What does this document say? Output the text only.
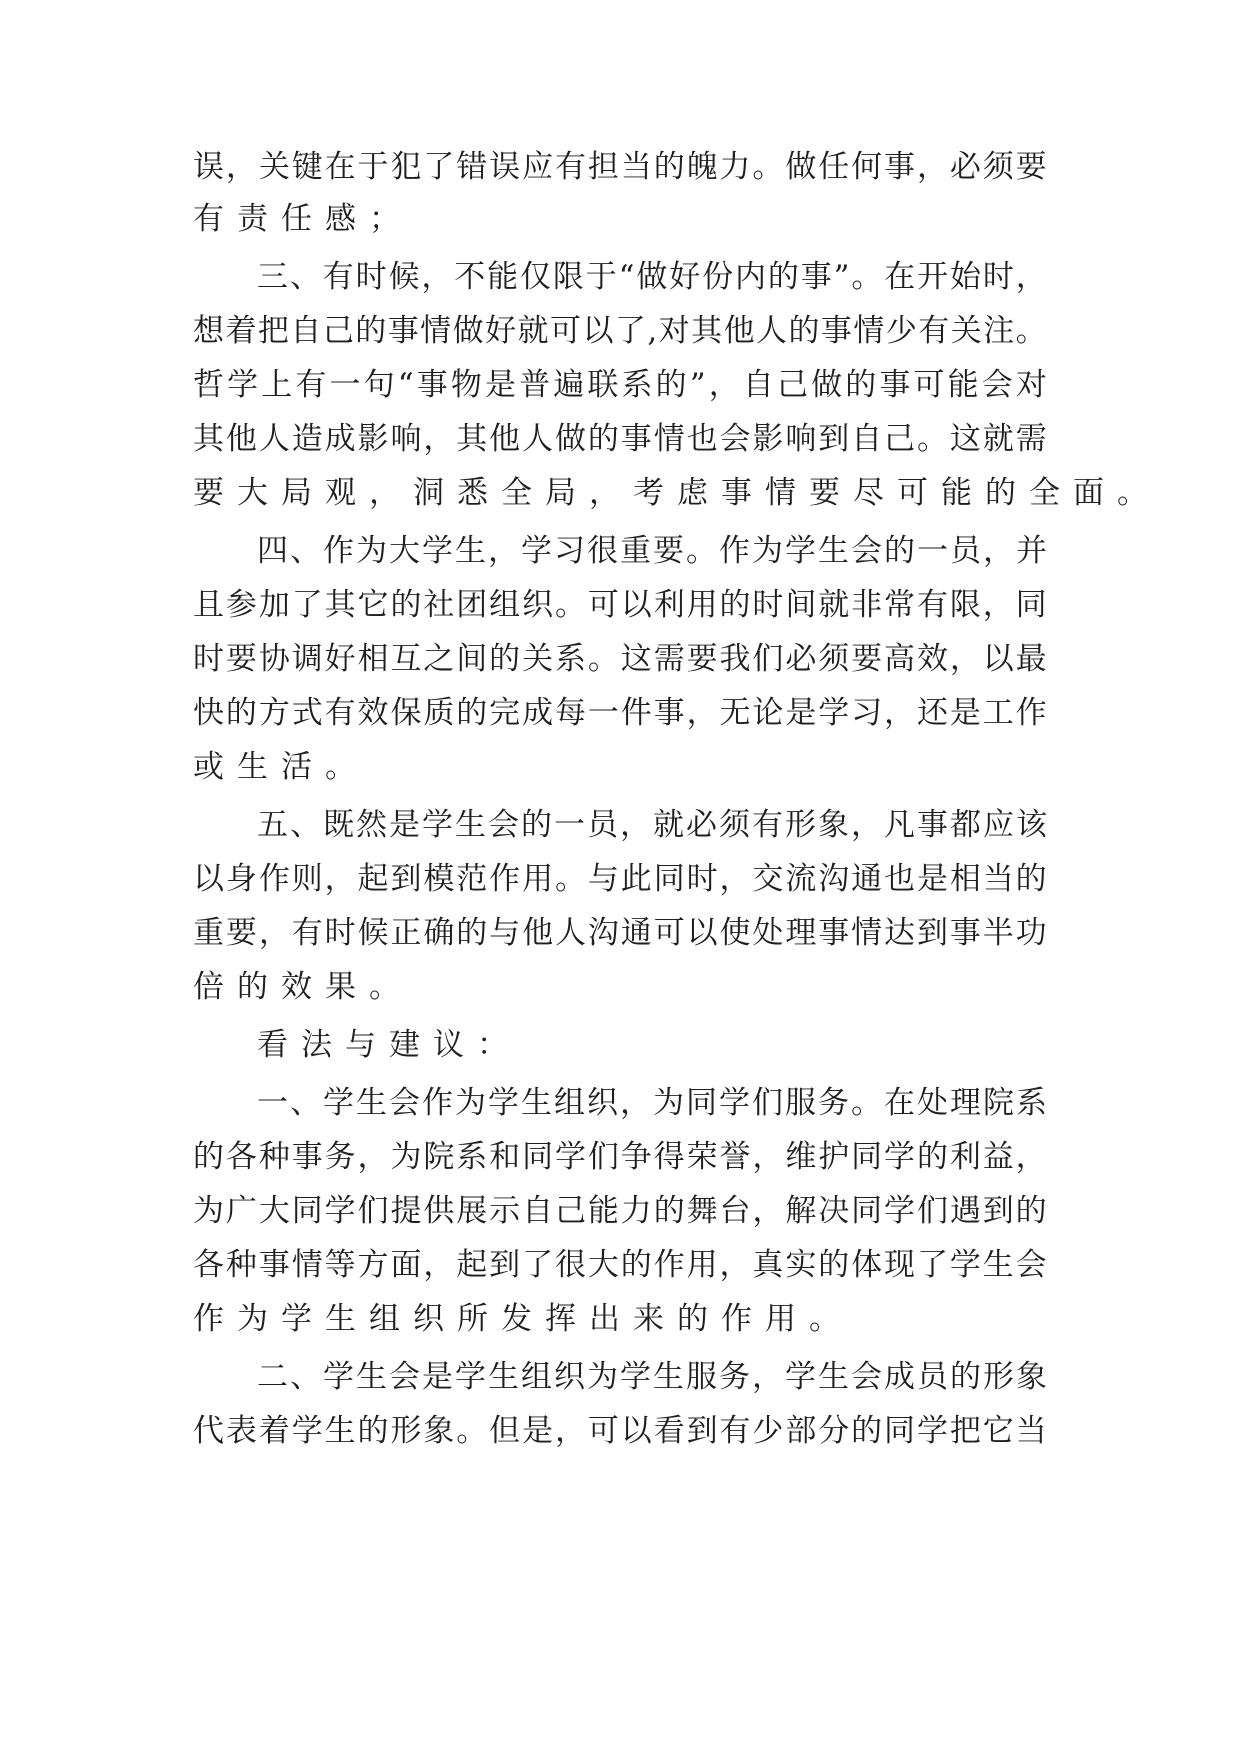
误 ， 关 键 在 于 犯 了 错 误 应 有 担 当 的 魄 力 。 做 任 何 事 ， 必 须 要
有责任感；
三 、 有 时 候 ， 不 能 仅 限 于 “ 做 好 份 内 的 事 ” 。 在 开 始 时 ，
想 着 把 自 己 的 事 情 做 好 就 可 以 了 , 对 其 他 人 的 事 情 少 有 关 注 。
哲 学 上 有 一 句 “ 事 物 是 普 遍 联 系 的 ” ， 自 己 做 的 事 可 能 会 对
其 他 人 造 成 影 响 ， 其 他 人 做 的 事 情 也 会 影 响 到 自 己 。 这 就 需
要大局观，洞悉全局，考虑事情要尽可能的全面。
四 、 作 为 大 学 生 ， 学 习 很 重 要 。 作 为 学 生 会 的 一 员 ， 并
且 参 加 了 其 它 的 社 团 组 织 。 可 以 利 用 的 时 间 就 非 常 有 限 ， 同
时 要 协 调 好 相 互 之 间 的 关 系 。 这 需 要 我 们 必 须 要 高 效 ， 以 最
快 的 方 式 有 效 保 质 的 完 成 每 一 件 事 ， 无 论 是 学 习 ， 还 是 工 作
或生活。
五 、 既 然 是 学 生 会 的 一 员 ， 就 必 须 有 形 象 ， 凡 事 都 应 该
以 身 作 则 ， 起 到 模 范 作 用 。 与 此 同 时 ， 交 流 沟 通 也 是 相 当 的
重 要 ， 有 时 候 正 确 的 与 他 人 沟 通 可 以 使 处 理 事 情 达 到 事 半 功
倍的效果。
看法与建议：
一 、 学 生 会 作 为 学 生 组 织 ， 为 同 学 们 服 务 。 在 处 理 院 系
的 各 种 事 务 ， 为 院 系 和 同 学 们 争 得 荣 誉 ， 维 护 同 学 的 利 益 ，
为 广 大 同 学 们 提 供 展 示 自 己 能 力 的 舞 台 ， 解 决 同 学 们 遇 到 的
各 种 事 情 等 方 面 ， 起 到 了 很 大 的 作 用 ， 真 实 的 体 现 了 学 生 会
作为学生组织所发挥出来的作用。
二 、 学 生 会 是 学 生 组 织 为 学 生 服 务 ， 学 生 会 成 员 的 形 象
代 表 着 学 生 的 形 象 。 但 是 ， 可 以 看 到 有 少 部 分 的 同 学 把 它 当
